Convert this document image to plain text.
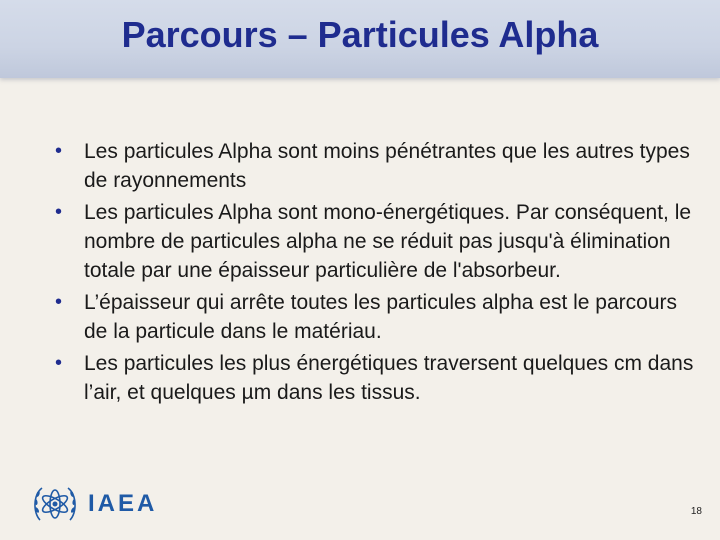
Parcours – Particules Alpha
• Les particules Alpha sont moins pénétrantes que les autres types de rayonnements
• Les particules Alpha sont mono-énergétiques. Par conséquent, le nombre de particules alpha ne se réduit pas jusqu'à élimination totale par une épaisseur particulière de l'absorbeur.
• L’épaisseur qui arrête toutes les particules alpha est le parcours de la particule dans le matériau.
• Les particules les plus énergétiques traversent quelques cm dans l’air, et quelques µm dans les tissus.
IAEA	18
